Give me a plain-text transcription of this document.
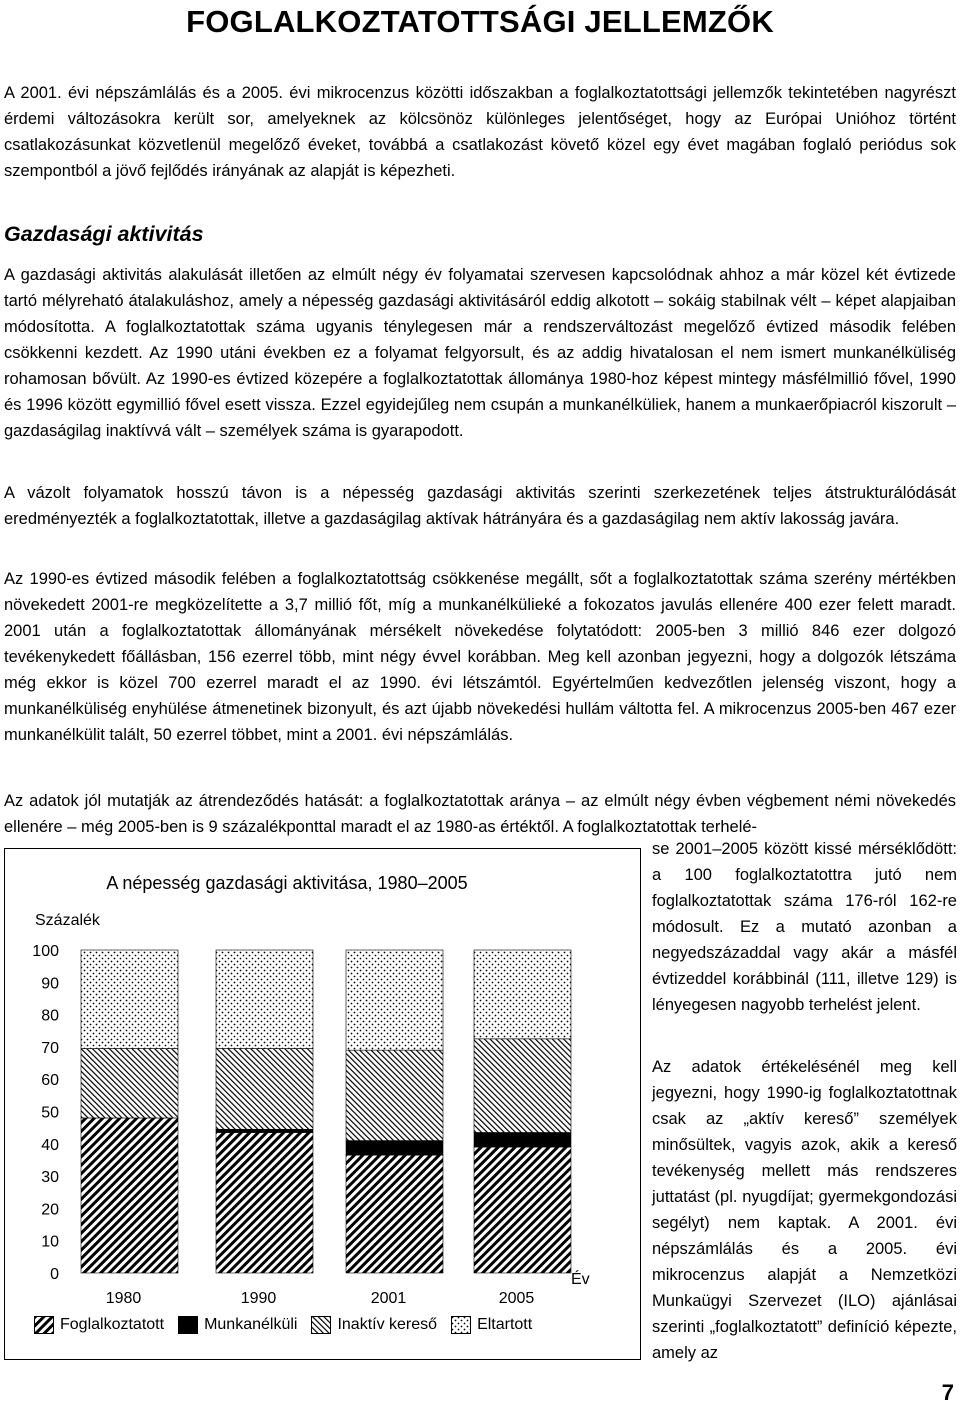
FOGLALKOZTATOTTSÁGI JELLEMZŐK

A 2001. évi népszámlálás és a 2005. évi mikrocenzus közötti időszakban a foglalkoztatottsági jellemzők tekintetében nagyrészt érdemi változásokra került sor, amelyeknek az kölcsönöz különleges jelentőséget, hogy az Európai Unióhoz történt csatlakozásunkat közvetlenül megelőző éveket, továbbá a csatlakozást követő közel egy évet magában foglaló periódus sok szempontból a jövő fejlődés irányának az alapját is képezheti.

Gazdasági aktivitás

A gazdasági aktivitás alakulását illetően az elmúlt négy év folyamatai szervesen kapcsolódnak ahhoz a már közel két évtizede tartó mélyreható átalakuláshoz, amely a népesség gazdasági aktivitásáról eddig alkotott – sokáig stabilnak vélt – képet alapjaiban módosította. A foglalkoztatottak száma ugyanis ténylegesen már a rendszerváltozást megelőző évtized második felében csökkenni kezdett. Az 1990 utáni években ez a folyamat felgyorsult, és az addig hivatalosan el nem ismert munkanélküliség rohamosan bővült. Az 1990-es évtized közepére a foglalkoztatottak állománya 1980-hoz képest mintegy másfélmillió fővel, 1990 és 1996 között egymillió fővel esett vissza. Ezzel egyidejűleg nem csupán a munkanélküliek, hanem a munkaerőpiacról kiszorult – gazdaságilag inaktívvá vált – személyek száma is gyarapodott.

A vázolt folyamatok hosszú távon is a népesség gazdasági aktivitás szerinti szerkezetének teljes átstrukturálódását eredményezték a foglalkoztatottak, illetve a gazdaságilag aktívak hátrányára és a gazdaságilag nem aktív lakosság javára.

Az 1990-es évtized második felében a foglalkoztatottság csökkenése megállt, sőt a foglalkoztatottak száma szerény mértékben növekedett 2001-re megközelítette a 3,7 millió főt, míg a munkanélkülieké a fokozatos javulás ellenére 400 ezer felett maradt. 2001 után a foglalkoztatottak állományának mérsékelt növekedése folytatódott: 2005-ben 3 millió 846 ezer dolgozó tevékenykedett főállásban, 156 ezerrel több, mint négy évvel korábban. Meg kell azonban jegyezni, hogy a dolgozók létszáma még ekkor is közel 700 ezerrel maradt el az 1990. évi létszámtól. Egyértelműen kedvezőtlen jelenség viszont, hogy a munkanélküliség enyhülése átmenetinek bizonyult, és azt újabb növekedési hullám váltotta fel. A mikrocenzus 2005-ben 467 ezer munkanélkülit talált, 50 ezerrel többet, mint a 2001. évi népszámlálás.

Az adatok jól mutatják az átrendeződés hatását: a foglalkoztatottak aránya – az elmúlt négy évben végbement némi növekedés ellenére – még 2005-ben is 9 százalékponttal maradt el az 1980-as értéktől. A foglalkoztatottak terhelé-

se 2001–2005 között kissé mérséklődött: a 100 foglalkoztatottra jutó nem foglalkoztatottak száma 176-ról 162-re módosult. Ez a mutató azonban a negyedszázaddal vagy akár a másfél évtizeddel korábbinál (111, illetve 129) is lényegesen nagyobb terhelést jelent.

Az adatok értékelésénél meg kell jegyezni, hogy 1990-ig foglalkoztatottnak csak az „aktív kereső” személyek minősültek, vagyis azok, akik a kereső tevékenység mellett más rendszeres juttatást (pl. nyugdíjat; gyermekgondozási segélyt) nem kaptak. A 2001. évi népszámlálás és a 2005. évi mikrocenzus alapját a Nemzetközi Munkaügyi Szervezet (ILO) ajánlásai szerinti „foglalkoztatott” definíció képezte, amely az

A népesség gazdasági aktivitása, 1980–2005
Százalék
Év
0
10
20
30
40
50
60
70
80
90
100
1980	1990	2001	2005
Foglalkoztatott	Munkanélküli	Inaktív kereső	Eltartott
7
